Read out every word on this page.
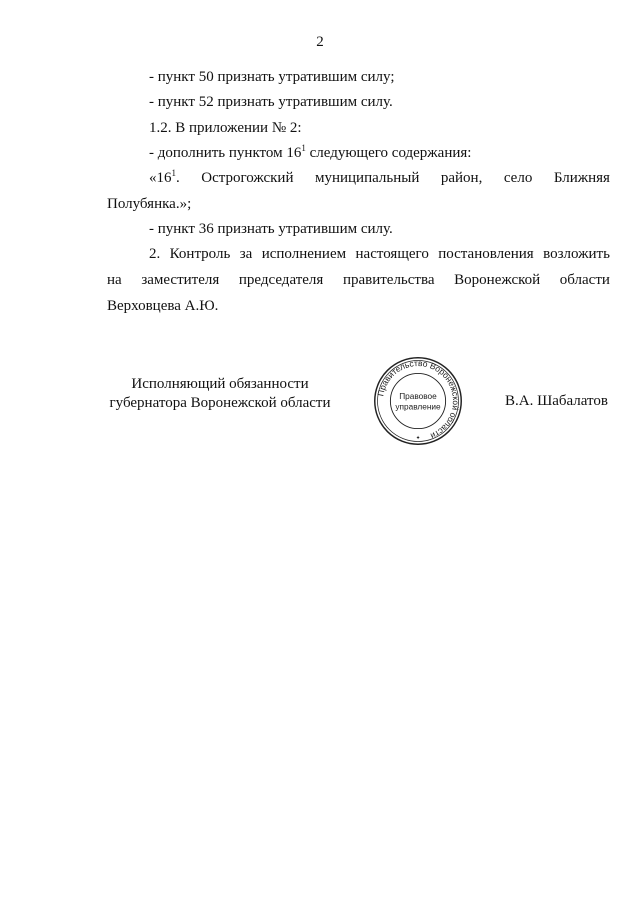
2
- пункт 50 признать утратившим силу;
- пункт 52 признать утратившим силу.
1.2. В приложении № 2:
- дополнить пунктом $16^1$ следующего содержания:
«$16^1$. Острогожский муниципальный район, село Ближняя
Полубянка.»;
- пункт 36 признать утратившим силу.
2. Контроль за исполнением настоящего постановления возложить
на заместителя председателя правительства Воронежской области
Верховцева А.Ю.
Исполняющий обязанности
губернатора Воронежской области
Правительство Воронежской области
Правовое
управление
✦
В.А. Шабалатов
